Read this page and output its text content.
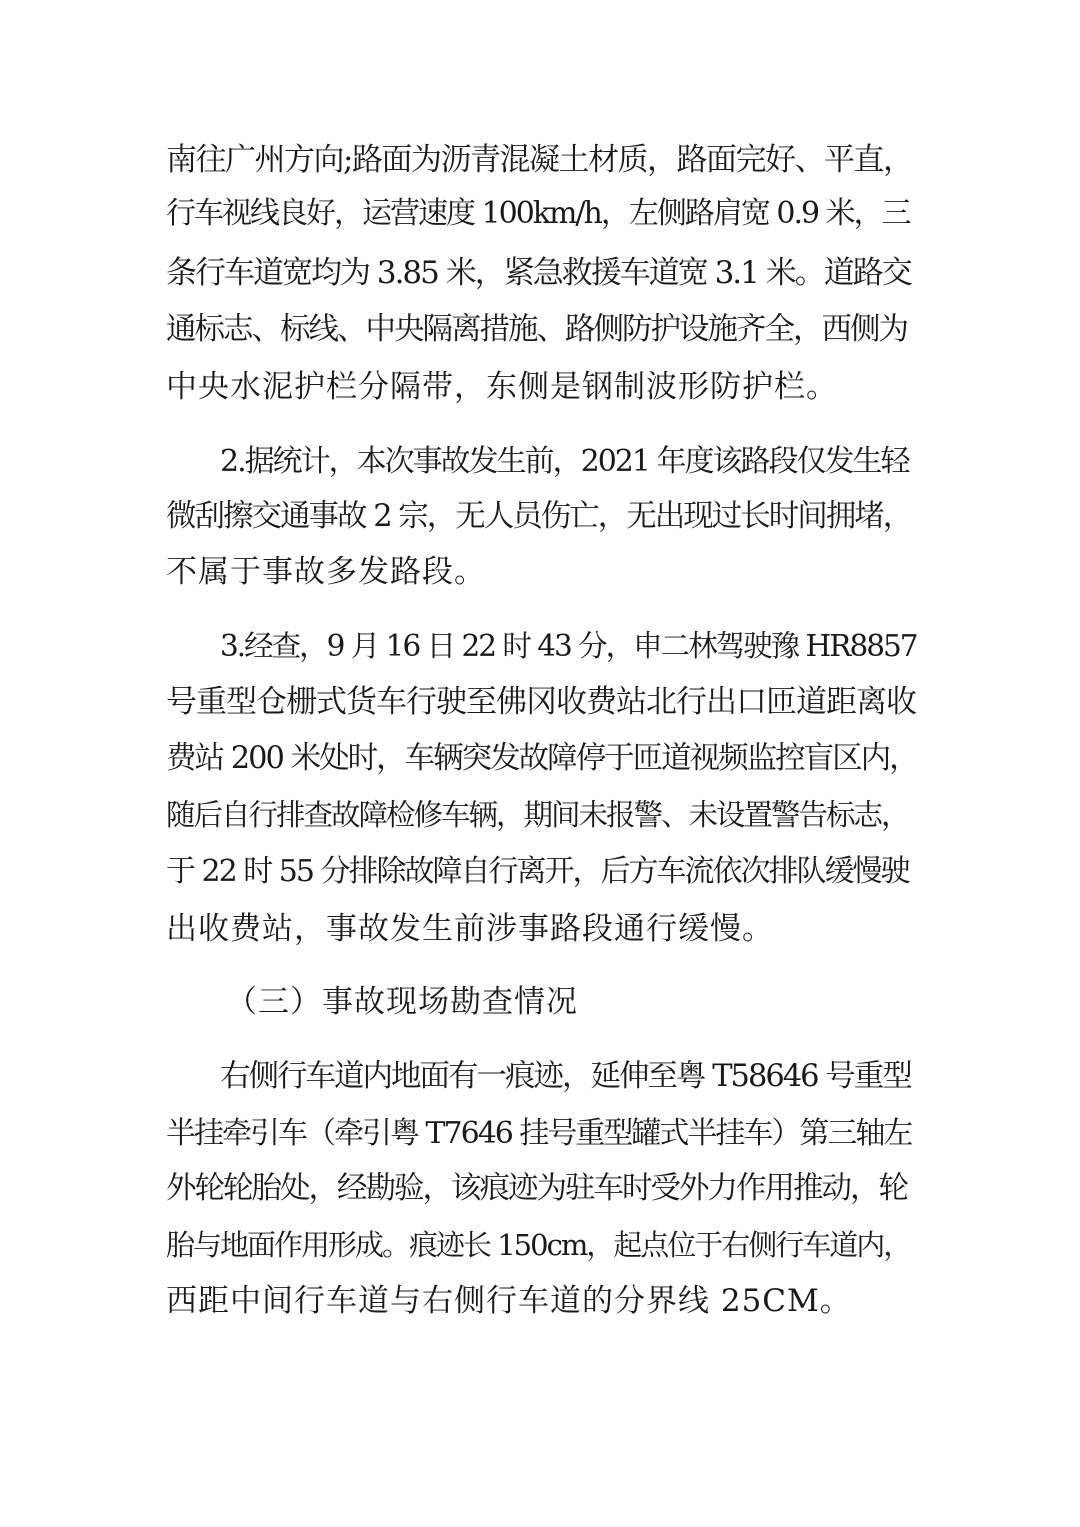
南往广州方向;路面为沥青混凝土材质，路面完好、平直，
行车视线良好，运营速度 100km/h，左侧路肩宽 0.9 米，三
条行车道宽均为 3.85 米，紧急救援车道宽 3.1 米。道路交
通标志、标线、中央隔离措施、路侧防护设施齐全，西侧为
中央水泥护栏分隔带，东侧是钢制波形防护栏。
2.据统计，本次事故发生前，2021 年度该路段仅发生轻
微刮擦交通事故 2 宗，无人员伤亡，无出现过长时间拥堵，
不属于事故多发路段。
3.经查，9 月 16 日 22 时 43 分，申二林驾驶豫 HR8857
号重型仓栅式货车行驶至佛冈收费站北行出口匝道距离收
费站 200 米处时，车辆突发故障停于匝道视频监控盲区内，
随后自行排查故障检修车辆，期间未报警、未设置警告标志，
于 22 时 55 分排除故障自行离开，后方车流依次排队缓慢驶
出收费站，事故发生前涉事路段通行缓慢。
（三）事故现场勘查情况
右侧行车道内地面有一痕迹，延伸至粤 T58646 号重型
半挂牵引车（牵引粤 T7646 挂号重型罐式半挂车）第三轴左
外轮轮胎处，经勘验，该痕迹为驻车时受外力作用推动，轮
胎与地面作用形成。痕迹长 150cm，起点位于右侧行车道内，
西距中间行车道与右侧行车道的分界线 25CM。
